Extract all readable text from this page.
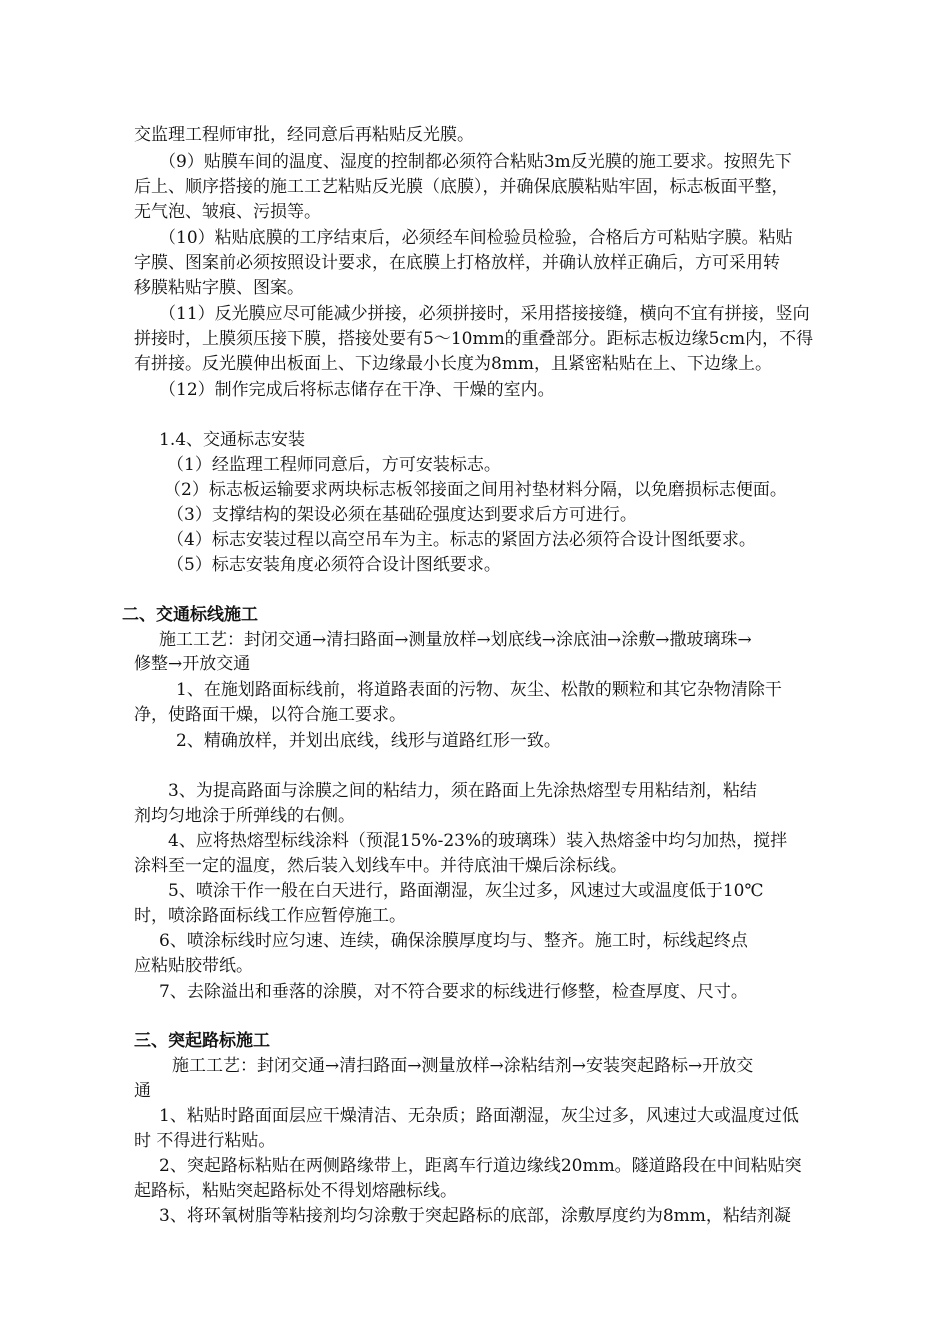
交监理工程师审批，经同意后再粘贴反光膜。
（9）贴膜车间的温度、湿度的控制都必须符合粘贴3m反光膜的施工要求。按照先下
后上、顺序搭接的施工工艺粘贴反光膜（底膜），并确保底膜粘贴牢固，标志板面平整，
无气泡、皱痕、污损等。
（10）粘贴底膜的工序结束后，必须经车间检验员检验，合格后方可粘贴字膜。粘贴
字膜、图案前必须按照设计要求，在底膜上打格放样，并确认放样正确后，方可采用转
移膜粘贴字膜、图案。
（11）反光膜应尽可能减少拼接，必须拼接时，采用搭接接缝，横向不宜有拼接，竖向
拼接时，上膜须压接下膜，搭接处要有5～10mm的重叠部分。距标志板边缘5cm内，不得
有拼接。反光膜伸出板面上、下边缘最小长度为8mm，且紧密粘贴在上、下边缘上。
（12）制作完成后将标志储存在干净、干燥的室内。
1.4、交通标志安装
（1）经监理工程师同意后，方可安装标志。
（2）标志板运输要求两块标志板邻接面之间用衬垫材料分隔，以免磨损标志便面。
（3）支撑结构的架设必须在基础砼强度达到要求后方可进行。
（4）标志安装过程以高空吊车为主。标志的紧固方法必须符合设计图纸要求。
（5）标志安装角度必须符合设计图纸要求。
二、交通标线施工
施工工艺：封闭交通→清扫路面→测量放样→划底线→涂底油→涂敷→撒玻璃珠→
修整→开放交通
1、在施划路面标线前，将道路表面的污物、灰尘、松散的颗粒和其它杂物清除干
净，使路面干燥，以符合施工要求。
2、精确放样，并划出底线，线形与道路红形一致。
3、为提高路面与涂膜之间的粘结力，须在路面上先涂热熔型专用粘结剂，粘结
剂均匀地涂于所弹线的右侧。
4、应将热熔型标线涂料（预混15%-23%的玻璃珠）装入热熔釜中均匀加热，搅拌
涂料至一定的温度，然后装入划线车中。并待底油干燥后涂标线。
5、喷涂干作一般在白天进行，路面潮湿，灰尘过多，风速过大或温度低于10℃
时，喷涂路面标线工作应暂停施工。
6、喷涂标线时应匀速、连续，确保涂膜厚度均与、整齐。施工时，标线起终点
应粘贴胶带纸。
7、去除溢出和垂落的涂膜，对不符合要求的标线进行修整，检查厚度、尺寸。
三、突起路标施工
施工工艺：封闭交通→清扫路面→测量放样→涂粘结剂→安装突起路标→开放交
通
1、粘贴时路面面层应干燥清洁、无杂质；路面潮湿，灰尘过多，风速过大或温度过低
时 不得进行粘贴。
2、突起路标粘贴在两侧路缘带上，距离车行道边缘线20mm。隧道路段在中间粘贴突
起路标，粘贴突起路标处不得划熔融标线。
3、将环氧树脂等粘接剂均匀涂敷于突起路标的底部，涂敷厚度约为8mm，粘结剂凝
